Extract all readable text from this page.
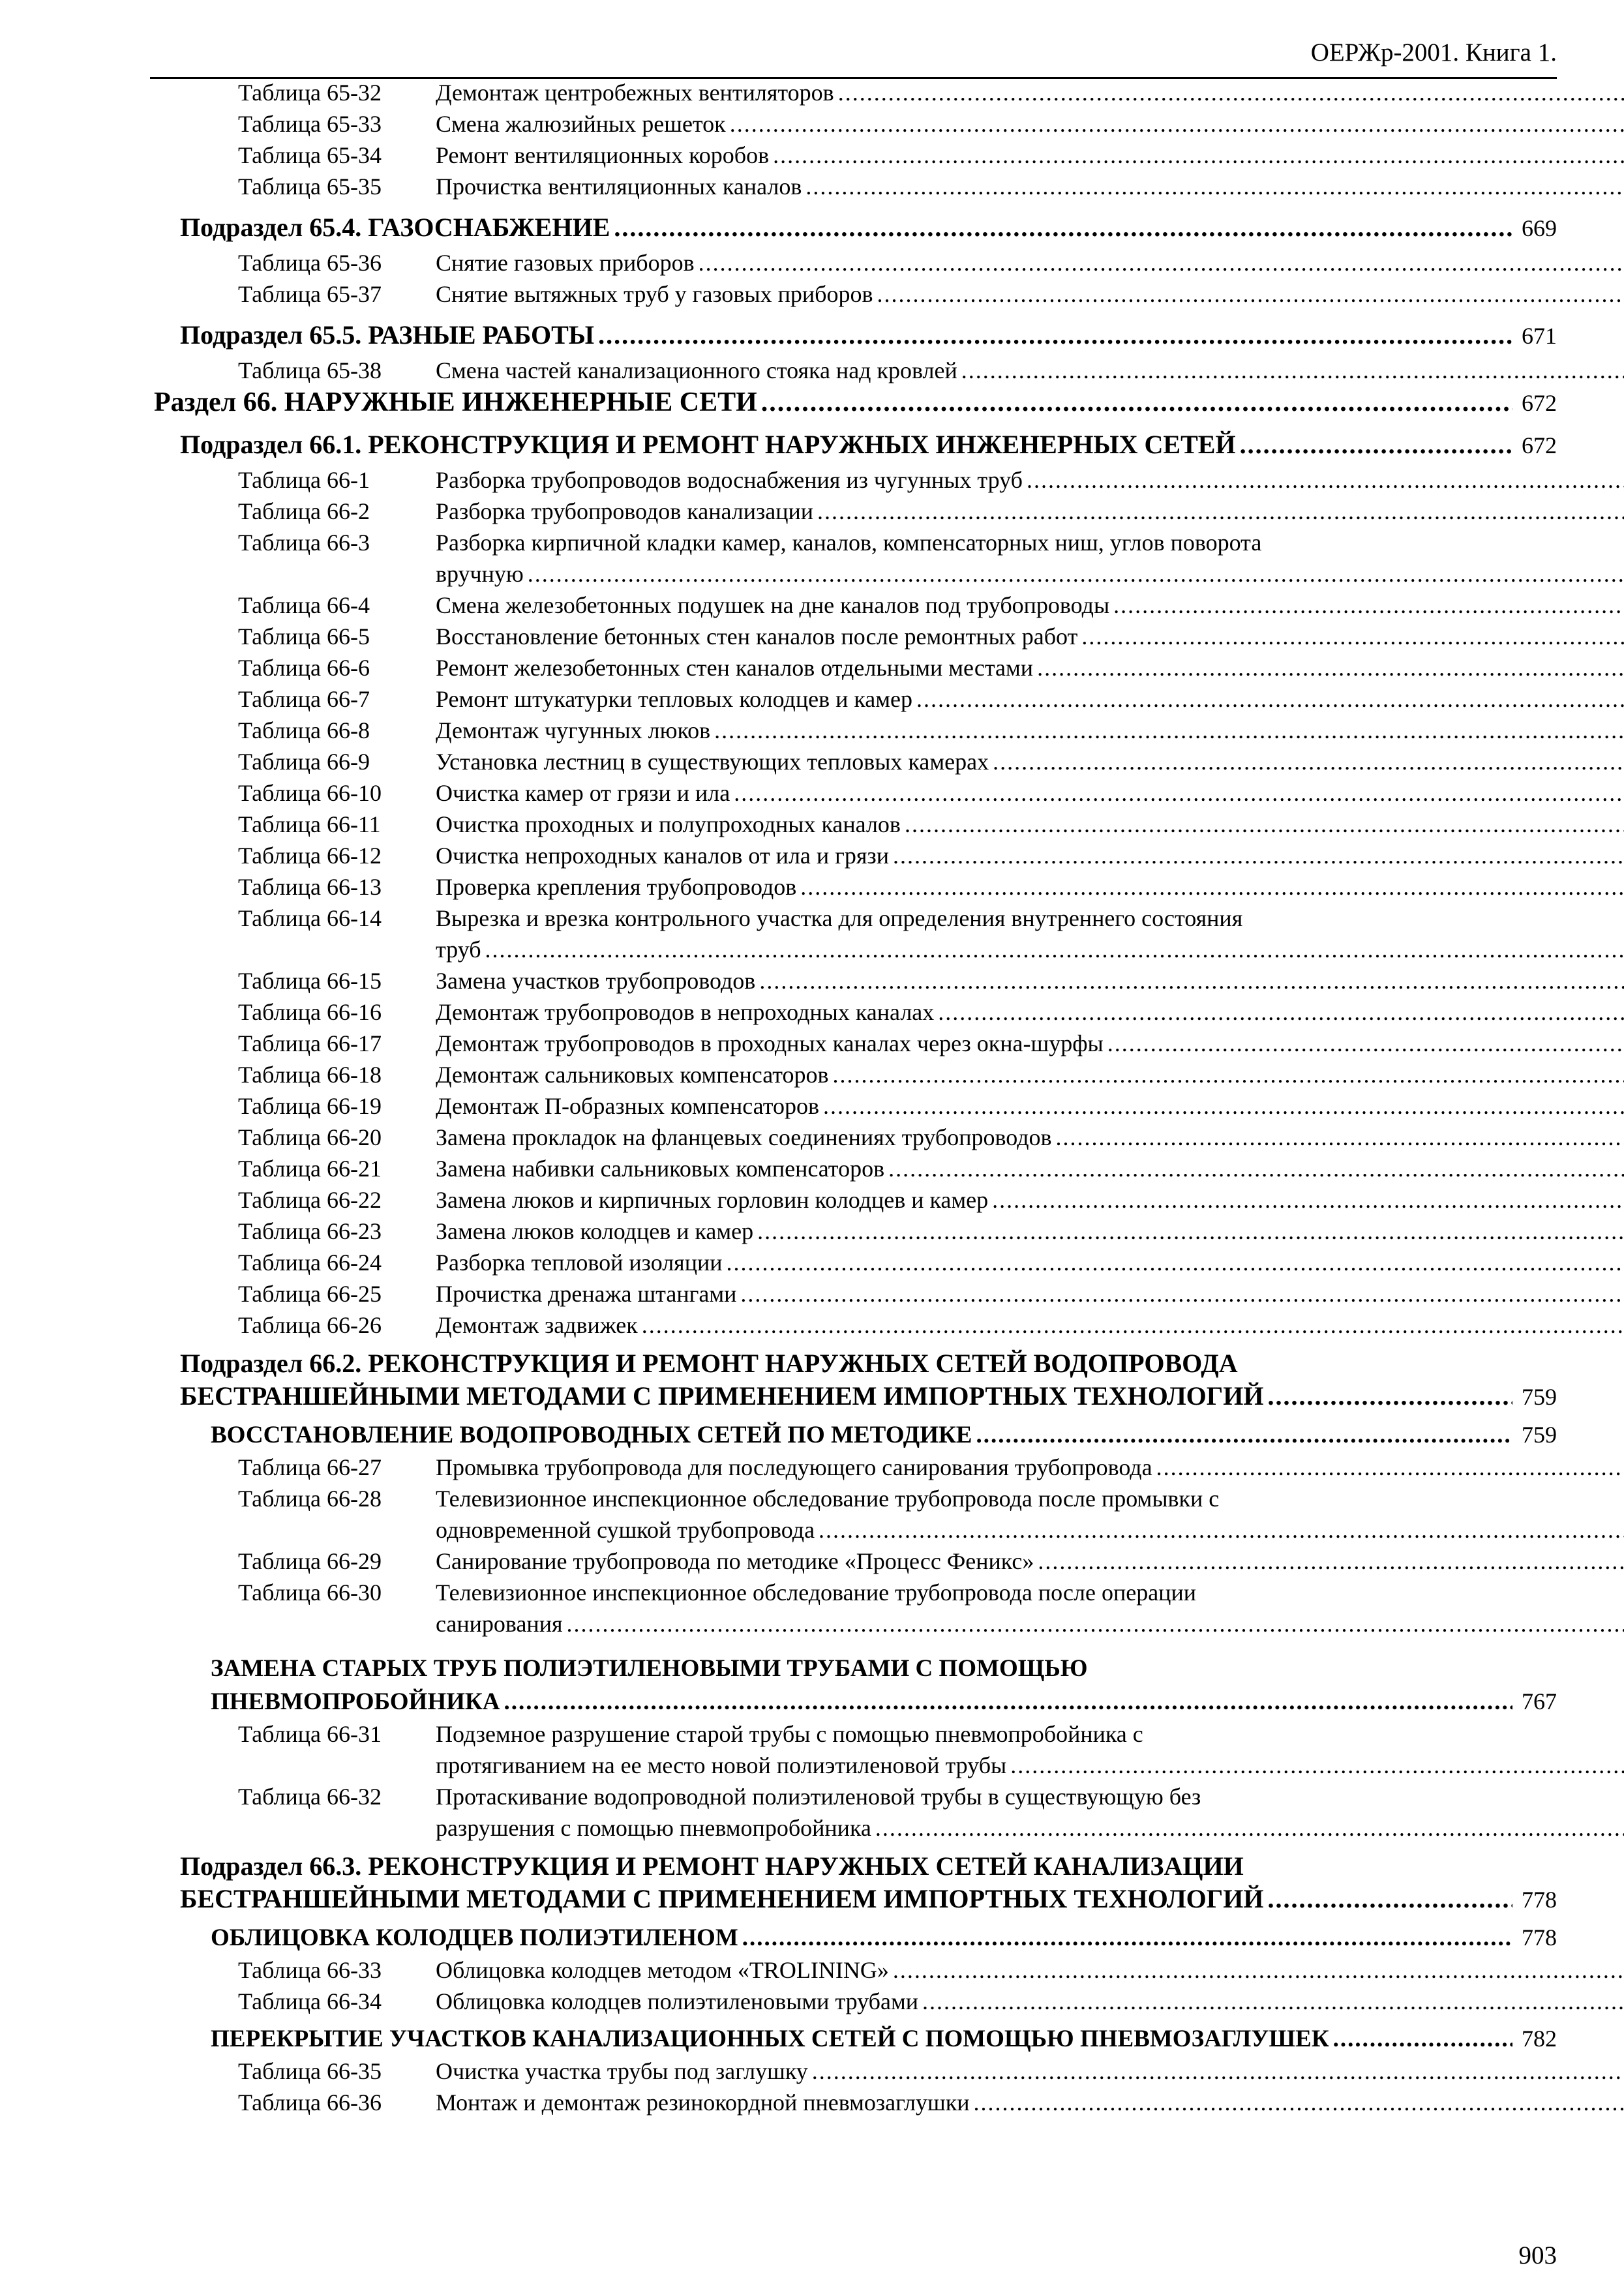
ОЕРЖр-2001. Книга 1.
Таблица 65-32	Демонтаж центробежных вентиляторов
.....
Таблица 65-33	Смена жалюзийных решеток
.....
Таблица 65-34	Ремонт вентиляционных коробов
.....
Таблица 65-35	Прочистка вентиляционных каналов
.....
Подраздел 65.4. ГАЗОСНАБЖЕНИЕ .....	669
Таблица 65-36	Снятие газовых приборов
.....
Таблица 65-37	Снятие вытяжных труб у газовых приборов
.....
Подраздел 65.5. РАЗНЫЕ РАБОТЫ .....	671
Таблица 65-38	Смена частей канализационного стояка над кровлей
.....
Раздел 66. НАРУЖНЫЕ ИНЖЕНЕРНЫЕ СЕТИ .....	672
Подраздел 66.1. РЕКОНСТРУКЦИЯ И РЕМОНТ НАРУЖНЫХ ИНЖЕНЕРНЫХ СЕТЕЙ .....	672
Таблица 66-1	Разборка трубопроводов водоснабжения из чугунных труб
.....
Таблица 66-2	Разборка трубопроводов канализации
.....
Таблица 66-3	Разборка кирпичной кладки камер, каналов, компенсаторных ниш, углов поворота
вручную
.....
Таблица 66-4	Смена железобетонных подушек на дне каналов под трубопроводы
.....
Таблица 66-5	Восстановление бетонных стен каналов после ремонтных работ
.....
Таблица 66-6	Ремонт железобетонных стен каналов отдельными местами
.....
Таблица 66-7	Ремонт штукатурки тепловых колодцев и камер
.....
Таблица 66-8	Демонтаж чугунных люков
.....
Таблица 66-9	Установка лестниц в существующих тепловых камерах
.....
Таблица 66-10	Очистка камер от грязи и ила
.....
Таблица 66-11	Очистка проходных и полупроходных каналов
.....
Таблица 66-12	Очистка непроходных каналов от ила и грязи
.....
Таблица 66-13	Проверка крепления трубопроводов
.....
Таблица 66-14	Вырезка и врезка контрольного участка для определения внутреннего состояния
труб
.....
Таблица 66-15	Замена участков трубопроводов
.....
Таблица 66-16	Демонтаж трубопроводов в непроходных каналах
.....
Таблица 66-17	Демонтаж трубопроводов в проходных каналах через окна-шурфы
.....
Таблица 66-18	Демонтаж сальниковых компенсаторов
.....
Таблица 66-19	Демонтаж П-образных компенсаторов
.....
Таблица 66-20	Замена прокладок на фланцевых соединениях трубопроводов
.....
Таблица 66-21	Замена набивки сальниковых компенсаторов
.....
Таблица 66-22	Замена люков и кирпичных горловин колодцев и камер
.....
Таблица 66-23	Замена люков колодцев и камер
.....
Таблица 66-24	Разборка тепловой изоляции
.....
Таблица 66-25	Прочистка дренажа штангами
.....
Таблица 66-26	Демонтаж задвижек
.....
Подраздел 66.2. РЕКОНСТРУКЦИЯ И РЕМОНТ НАРУЖНЫХ СЕТЕЙ ВОДОПРОВОДА
БЕСТРАНШЕЙНЫМИ МЕТОДАМИ С ПРИМЕНЕНИЕМ ИМПОРТНЫХ ТЕХНОЛОГИЙ .....	759
ВОССТАНОВЛЕНИЕ ВОДОПРОВОДНЫХ СЕТЕЙ ПО МЕТОДИКЕ .....	759
Таблица 66-27	Промывка трубопровода для последующего санирования трубопровода
.....
Таблица 66-28	Телевизионное инспекционное обследование трубопровода после промывки с
одновременной сушкой трубопровода
.....
Таблица 66-29	Санирование трубопровода по методике «Процесс Феникс»
.....
Таблица 66-30	Телевизионное инспекционное обследование трубопровода после операции
санирования
.....
ЗАМЕНА СТАРЫХ ТРУБ ПОЛИЭТИЛЕНОВЫМИ ТРУБАМИ С ПОМОЩЬЮ
ПНЕВМОПРОБОЙНИКА .....	767
Таблица 66-31	Подземное разрушение старой трубы с помощью пневмопробойника с
протягиванием на ее место новой полиэтиленовой трубы
.....
Таблица 66-32	Протаскивание водопроводной полиэтиленовой трубы в существующую без
разрушения с помощью пневмопробойника
.....
Подраздел 66.3. РЕКОНСТРУКЦИЯ И РЕМОНТ НАРУЖНЫХ СЕТЕЙ КАНАЛИЗАЦИИ
БЕСТРАНШЕЙНЫМИ МЕТОДАМИ С ПРИМЕНЕНИЕМ ИМПОРТНЫХ ТЕХНОЛОГИЙ .....	778
ОБЛИЦОВКА КОЛОДЦЕВ ПОЛИЭТИЛЕНОМ .....	778
Таблица 66-33	Облицовка колодцев методом «TROLINING»
.....
Таблица 66-34	Облицовка колодцев полиэтиленовыми трубами
.....
ПЕРЕКРЫТИЕ УЧАСТКОВ КАНАЛИЗАЦИОННЫХ СЕТЕЙ С ПОМОЩЬЮ ПНЕВМОЗАГЛУШЕК .....	782
Таблица 66-35	Очистка участка трубы под заглушку
.....
Таблица 66-36	Монтаж и демонтаж резинокордной пневмозаглушки
.....
903
